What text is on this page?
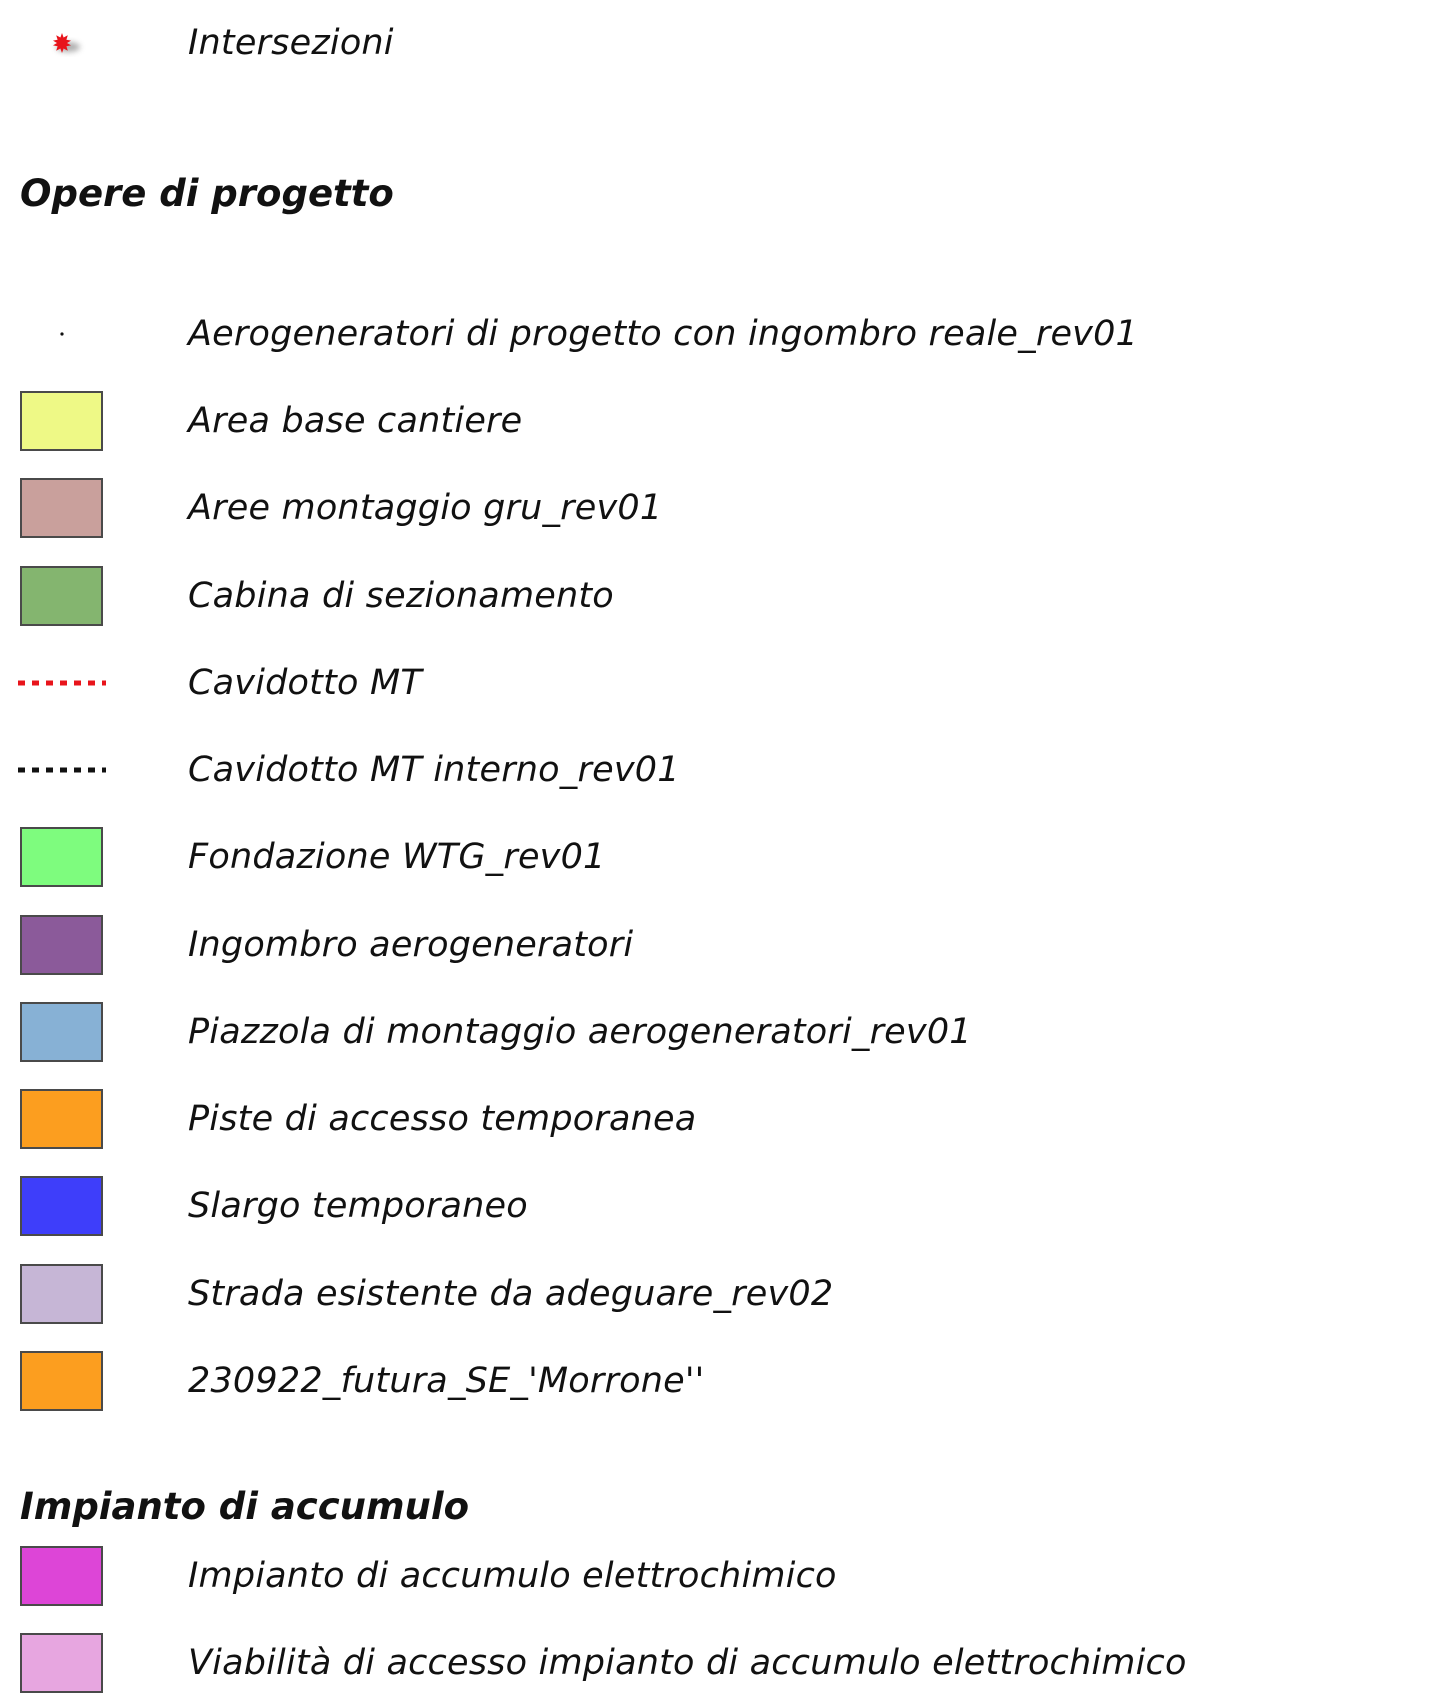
Intersezioni
Opere di progetto
Aerogeneratori di progetto con ingombro reale_rev01
Area base cantiere
Aree montaggio gru_rev01
Cabina di sezionamento
Cavidotto MT
Cavidotto MT interno_rev01
Fondazione WTG_rev01
Ingombro aerogeneratori
Piazzola di montaggio aerogeneratori_rev01
Piste di accesso temporanea
Slargo temporaneo
Strada esistente da adeguare_rev02
230922_futura_SE_'Morrone''
Impianto di accumulo
Impianto di accumulo elettrochimico
Viabilità di accesso impianto di accumulo elettrochimico
